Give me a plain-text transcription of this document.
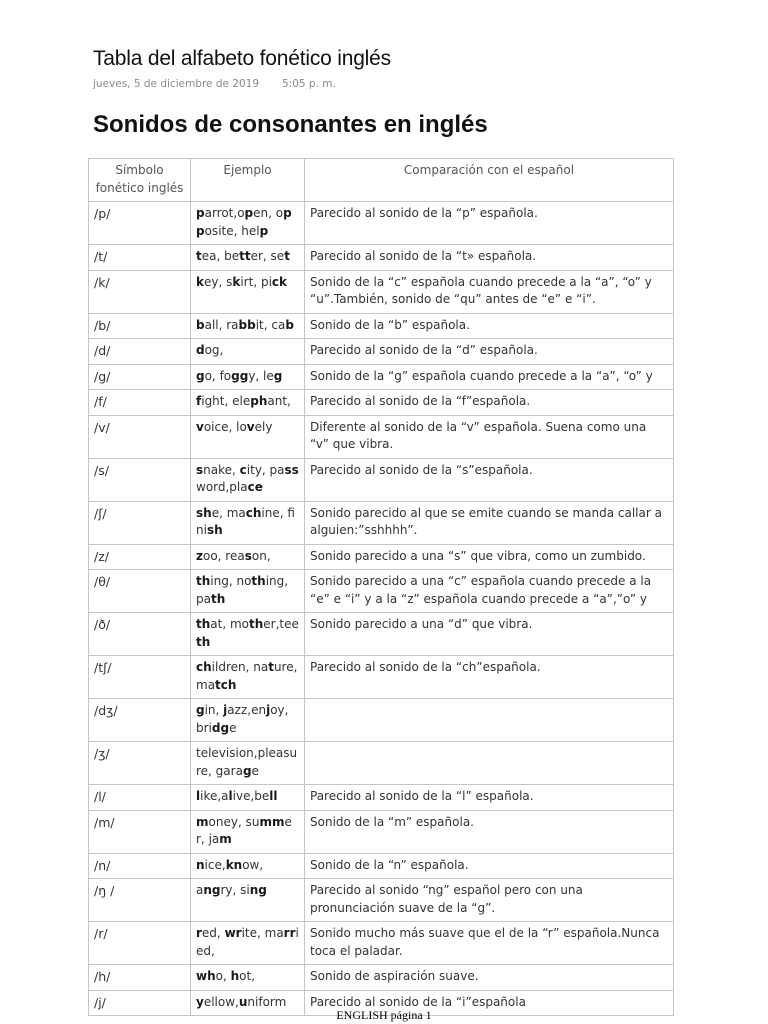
Tabla del alfabeto fonético inglés
jueves, 5 de diciembre de 2019 5:05 p. m.
Sonidos de consonantes en inglés
Símbolo fonético inglés	Ejemplo	Comparación con el español
/p/	parrot,open, opposite, help	Parecido al sonido de la “p” española.
/t/	tea, better, set	Parecido al sonido de la “t» española.
/k/	key, skirt, pick	Sonido de la “c” española cuando precede a la “a”, “o” y “u”.También, sonido de “qu” antes de “e” e “i”.
/b/	ball, rabbit, cab	Sonido de la “b” española.
/d/	dog,	Parecido al sonido de la “d” española.
/g/	go, foggy, leg	Sonido de la “g” española cuando precede a la “a”, “o” y
/f/	fight, elephant,	Parecido al sonido de la “f”española.
/v/	voice, lovely	Diferente al sonido de la “v” española. Suena como una “v” que vibra.
/s/	snake, city, password,place	Parecido al sonido de la “s”española.
/ʃ/	she, machine, finish	Sonido parecido al que se emite cuando se manda callar a alguien:”sshhhh”.
/z/	zoo, reason,	Sonido parecido a una “s” que vibra, como un zumbido.
/θ/	thing, nothing, path	Sonido parecido a una “c” española cuando precede a la “e” e “i” y a la “z” española cuando precede a “a”,”o” y
/ð/	that, mother,teeth	Sonido parecido a una “d” que vibra.
/tʃ/	children, nature, match	Parecido al sonido de la “ch”española.
/dʒ/	gin, jazz,enjoy, bridge	
/ʒ/	television,pleasure, garage	
/l/	like,alive,bell	Parecido al sonido de la “l” española.
/m/	money, summer, jam	Sonido de la “m” española.
/n/	nice,know,	Sonido de la “n” española.
/ŋ /	angry, sing	Parecido al sonido “ng” español pero con una pronunciación suave de la “g”.
/r/	red, write, married,	Sonido mucho más suave que el de la “r” española.Nunca toca el paladar.
/h/	who, hot,	Sonido de aspiración suave.
/j/	yellow,uniform	Parecido al sonido de la “i”española
ENGLISH página 1
